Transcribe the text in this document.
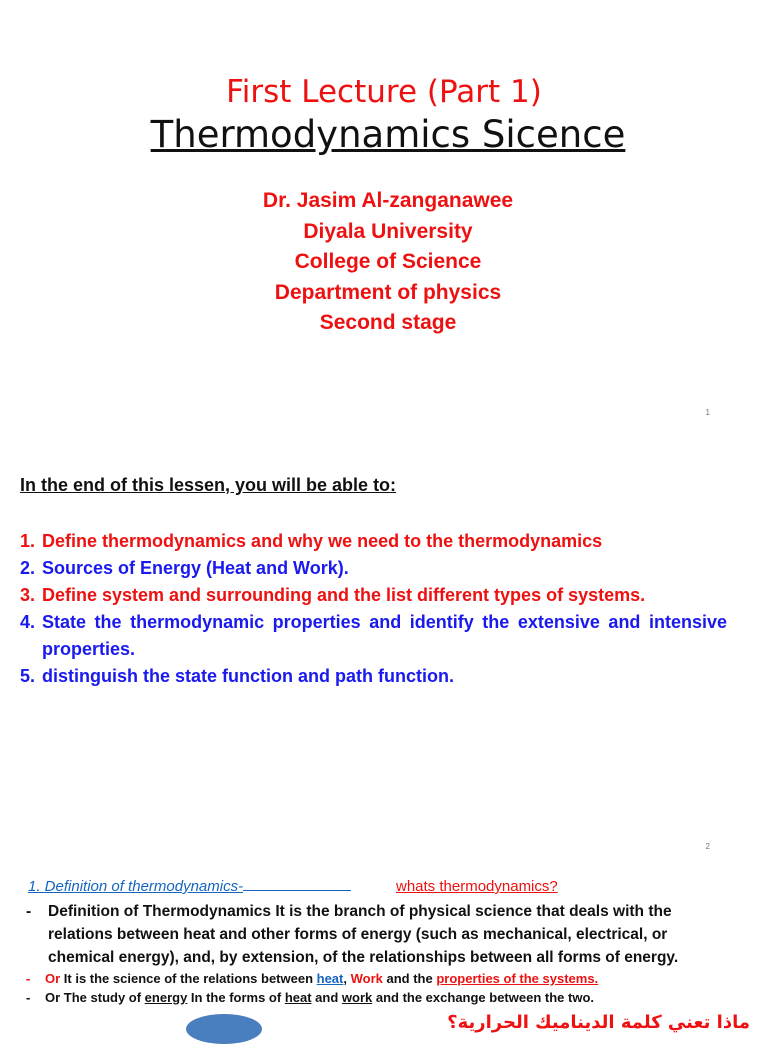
First Lecture (Part 1)
Thermodynamics Sicence
Dr. Jasim Al-zanganawee
Diyala University
College of Science
Department of physics
Second stage
1
In the end of this lessen, you will be able to:
1. Define thermodynamics and why we need to the thermodynamics
2. Sources of Energy (Heat and Work).
3. Define system and surrounding and the list different types of systems.
4. State the thermodynamic properties and identify the extensive and intensive properties.
5. distinguish the state function and path function.
2
1. Definition of thermodynamics-	whats thermodynamics?
- Definition of Thermodynamics It is the branch of physical science that deals with the relations between heat and other forms of energy (such as mechanical, electrical, or chemical energy), and, by extension, of the relationships between all forms of energy.
- Or It is the science of the relations between heat, Work and the properties of the systems.
- Or The study of energy In the forms of heat and work and the exchange between the two.
ماذا تعني كلمة الديناميك الحرارية؟
